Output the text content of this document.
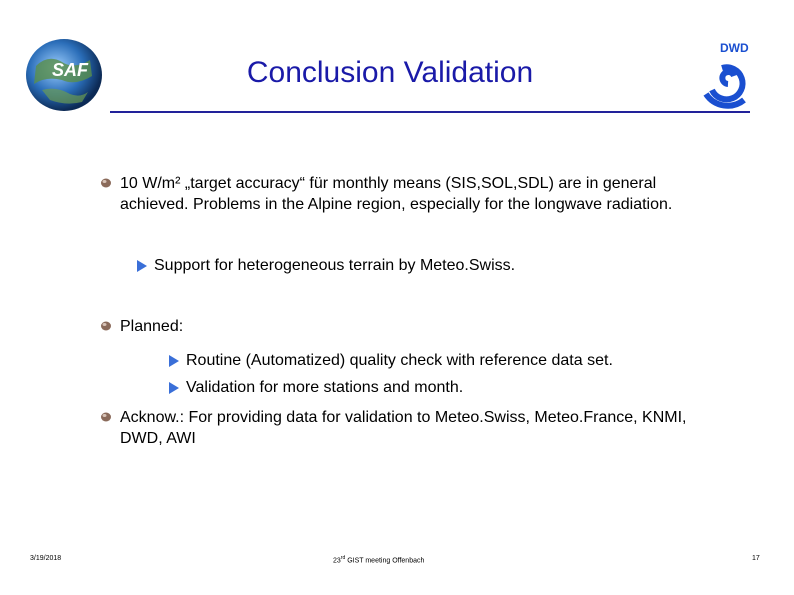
SAF	Conclusion Validation
DWD
10 W/m² „target accuracy“ für monthly means (SIS,SOL,SDL) are in general achieved. Problems in the Alpine region, especially for the longwave radiation.
Support for heterogeneous terrain by Meteo.Swiss.
Planned:
Routine (Automatized) quality check with reference data set.
Validation for more stations and month.
Acknow.: For providing data for validation to Meteo.Swiss, Meteo.France, KNMI, DWD, AWI
3/19/2018	23rd GIST meeting Offenbach	17
